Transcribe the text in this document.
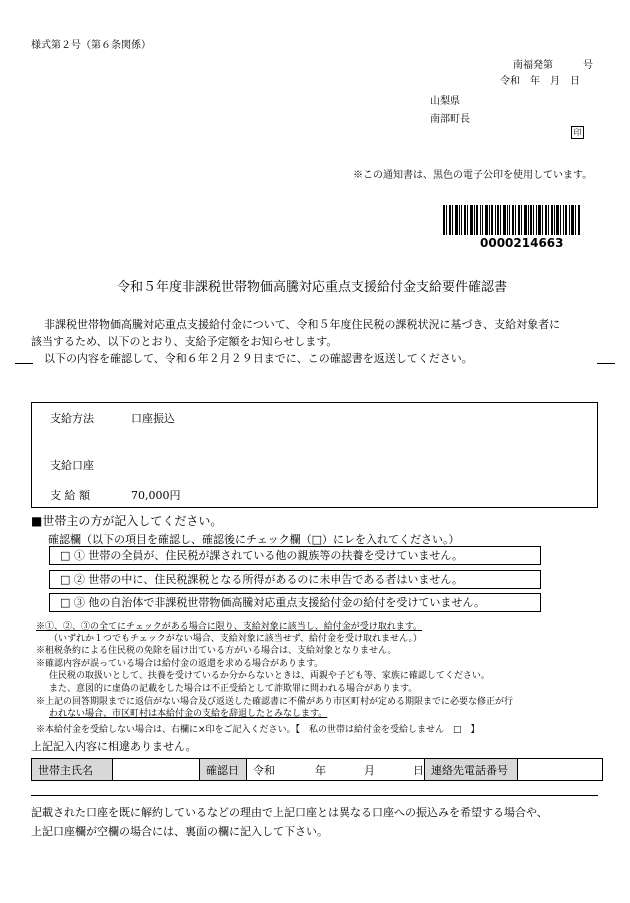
様式第２号（第６条関係）
南福発第　　　号
令和　年　月　日
山梨県
南部町長
印
※この通知書は、黒色の電子公印を使用しています。
0000214663
令和５年度非課税世帯物価高騰対応重点支援給付金支給要件確認書
非課税世帯物価高騰対応重点支援給付金について、令和５年度住民税の課税状況に基づき、支給対象者に
該当するため、以下のとおり、支給予定額をお知らせします。
以下の内容を確認して、令和６年２月２９日までに、この確認書を返送してください。
支給方法	口座振込
支給口座
支 給 額	70,000円
■世帯主の方が記入してください。
確認欄（以下の項目を確認し、確認後にチェック欄（□）にレを入れてください。）
□ ① 世帯の全員が、住民税が課されている他の親族等の扶養を受けていません。
□ ② 世帯の中に、住民税課税となる所得があるのに未申告である者はいません。
□ ③ 他の自治体で非課税世帯物価高騰対応重点支援給付金の給付を受けていません。
※①、②、③の全てにチェックがある場合に限り、支給対象に該当し、給付金が受け取れます。
（いずれか１つでもチェックがない場合、支給対象に該当せず、給付金を受け取れません。）
※租税条約による住民税の免除を届け出ている方がいる場合は、支給対象となりません。
※確認内容が誤っている場合は給付金の返還を求める場合があります。
住民税の取扱いとして、扶養を受けているか分からないときは、両親や子ども等、家族に確認してください。
また、意図的に虚偽の記載をした場合は不正受給として詐欺罪に問われる場合があります。
※上記の回答期限までに返信がない場合及び返送した確認書に不備があり市区町村が定める期限までに必要な修正が行
われない場合、市区町村は本給付金の支給を辞退したとみなします。
※本給付金を受給しない場合は、右欄に×印をご記入ください。【　私の世帯は給付金を受給しません　□　】
上記記入内容に相違ありません。
世帯主氏名		確認日	令和	年	月	日	連絡先電話番号	
記載された口座を既に解約しているなどの理由で上記口座とは異なる口座への振込みを希望する場合や、
上記口座欄が空欄の場合には、裏面の欄に記入して下さい。
